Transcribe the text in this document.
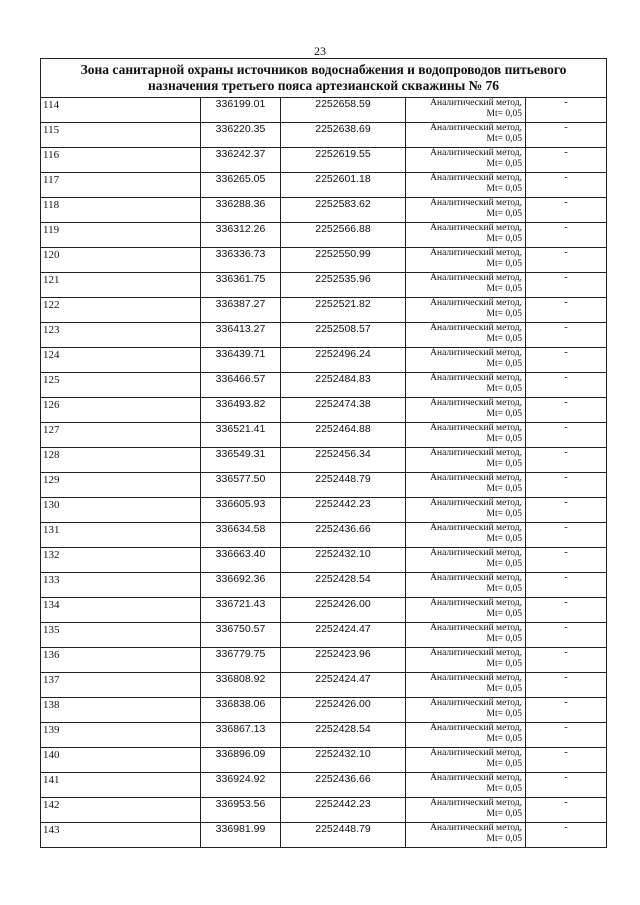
23
Зона санитарной охраны источников водоснабжения и водопроводов питьевого назначения третьего пояса артезианской скважины № 76				
114	336199.01	2252658.59	Аналитический метод,
Mt= 0,05	-
115	336220.35	2252638.69	Аналитический метод,
Mt= 0,05	-
116	336242.37	2252619.55	Аналитический метод,
Mt= 0,05	-
117	336265.05	2252601.18	Аналитический метод,
Mt= 0,05	-
118	336288.36	2252583.62	Аналитический метод,
Mt= 0,05	-
119	336312.26	2252566.88	Аналитический метод,
Mt= 0,05	-
120	336336.73	2252550.99	Аналитический метод,
Mt= 0,05	-
121	336361.75	2252535.96	Аналитический метод,
Mt= 0,05	-
122	336387.27	2252521.82	Аналитический метод,
Mt= 0,05	-
123	336413.27	2252508.57	Аналитический метод,
Mt= 0,05	-
124	336439.71	2252496.24	Аналитический метод,
Mt= 0,05	-
125	336466.57	2252484.83	Аналитический метод,
Mt= 0,05	-
126	336493.82	2252474.38	Аналитический метод,
Mt= 0,05	-
127	336521.41	2252464.88	Аналитический метод,
Mt= 0,05	-
128	336549.31	2252456.34	Аналитический метод,
Mt= 0,05	-
129	336577.50	2252448.79	Аналитический метод,
Mt= 0,05	-
130	336605.93	2252442.23	Аналитический метод,
Mt= 0,05	-
131	336634.58	2252436.66	Аналитический метод,
Mt= 0,05	-
132	336663.40	2252432.10	Аналитический метод,
Mt= 0,05	-
133	336692.36	2252428.54	Аналитический метод,
Mt= 0,05	-
134	336721.43	2252426.00	Аналитический метод,
Mt= 0,05	-
135	336750.57	2252424.47	Аналитический метод,
Mt= 0,05	-
136	336779.75	2252423.96	Аналитический метод,
Mt= 0,05	-
137	336808.92	2252424.47	Аналитический метод,
Mt= 0,05	-
138	336838.06	2252426.00	Аналитический метод,
Mt= 0,05	-
139	336867.13	2252428.54	Аналитический метод,
Mt= 0,05	-
140	336896.09	2252432.10	Аналитический метод,
Mt= 0,05	-
141	336924.92	2252436.66	Аналитический метод,
Mt= 0,05	-
142	336953.56	2252442.23	Аналитический метод,
Mt= 0,05	-
143	336981.99	2252448.79	Аналитический метод,
Mt= 0,05	-
